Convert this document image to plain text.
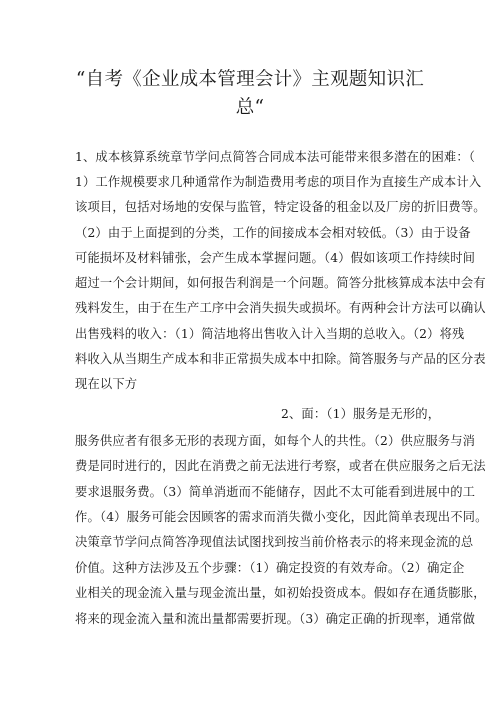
“自考《企业成本管理会计》主观题知识汇
总“
1、成本核算系统章节学问点简答合同成本法可能带来很多潜在的困难：（
1）工作规模要求几种通常作为制造费用考虑的项目作为直接生产成本计入
该项目，包括对场地的安保与监管，特定设备的租金以及厂房的折旧费等。
（2）由于上面提到的分类，工作的间接成本会相对较低。（3）由于设备
可能损坏及材料铺张，会产生成本掌握问题。（4）假如该项工作持续时间
超过一个会计期间，如何报告利润是一个问题。简答分批核算成本法中会有
残料发生，由于在生产工序中会消失损失或损坏。有两种会计方法可以确认
出售残料的收入：（1）简洁地将出售收入计入当期的总收入。（2）将残
料收入从当期生产成本和非正常损失成本中扣除。简答服务与产品的区分表
现在以下方
2、面：（1）服务是无形的，
服务供应者有很多无形的表现方面，如每个人的共性。（2）供应服务与消
费是同时进行的，因此在消费之前无法进行考察，或者在供应服务之后无法
要求退服务费。（3）简单消逝而不能储存，因此不太可能看到进展中的工
作。（4）服务可能会因顾客的需求而消失微小变化，因此简单表现出不同。
决策章节学问点简答净现值法试图找到按当前价格表示的将来现金流的总
价值。这种方法涉及五个步骤：（1）确定投资的有效寿命。（2）确定企
业相关的现金流入量与现金流出量，如初始投资成本。假如存在通货膨胀，
将来的现金流入量和流出量都需要折现。（3）确定正确的折现率，通常做
